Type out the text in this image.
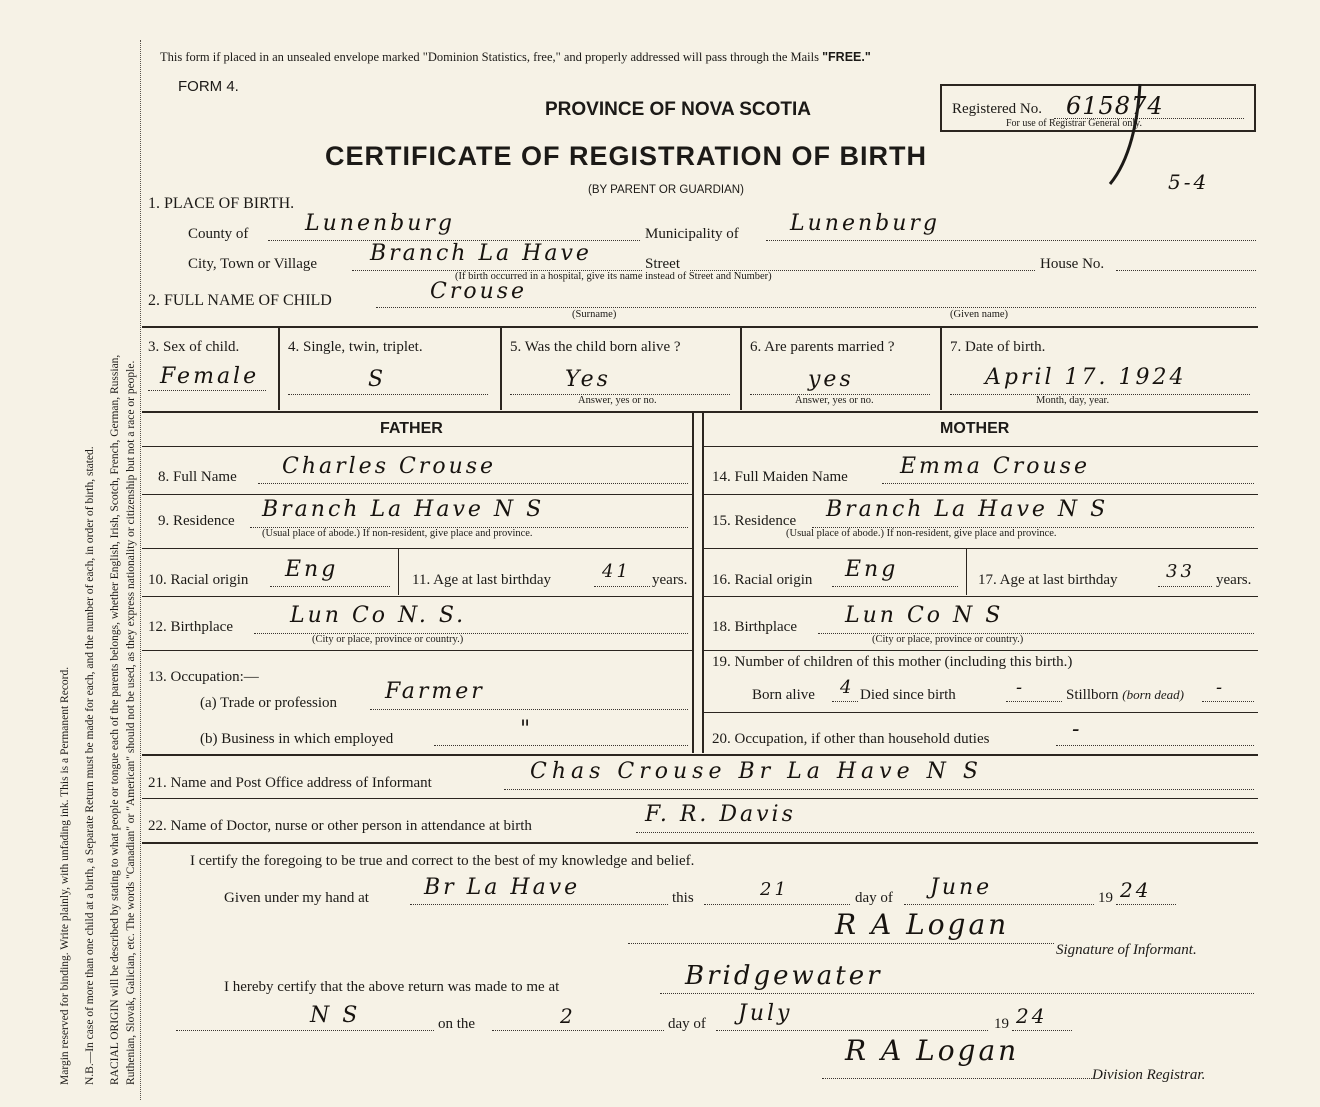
Margin reserved for binding. Write plainly, with unfading ink. This is a Permanent Record. N.B.—In case of more than one child at a birth, a Separate Return must be made for each, and the number of each, in order of birth, stated. RACIAL ORIGIN will be described by stating to what people or tongue each of the parents belongs, whether English, Irish, Scotch, French, German, Russian, Ruthenian, Slovak, Galician, etc. The words "Canadian" or "American" should not be used, as they express nationality or citizenship but not a race or people.
This form if placed in an unsealed envelope marked "Dominion Statistics, free," and properly addressed will pass through the Mails "FREE."
FORM 4.
PROVINCE OF NOVA SCOTIA	Registered No. 615874
For use of Registrar General only.
5-4
CERTIFICATE OF REGISTRATION OF BIRTH
(BY PARENT OR GUARDIAN)
1. PLACE OF BIRTH.
County of	Lunenburg	Municipality of Lunenburg
City, Town or Village Branch La Have	Street	House No.
(If birth occurred in a hospital, give its name instead of Street and Number)
2. FULL NAME OF CHILD	Crouse
(Surname)	(Given name)
3. Sex of child.
Female
4. Single, twin, triplet.
S
5. Was the child born alive ?
Yes
Answer, yes or no.
6. Are parents married ?
yes
Answer, yes or no.
7. Date of birth.
April 17. 1924
Month, day, year.
FATHER
8. Full Name Charles Crouse
9. Residence Branch La Have N S
(Usual place of abode.) If non-resident, give place and province.
10. Racial origin Eng	11. Age at last birthday	41 years.
12. Birthplace	Lun Co N. S.
(City or place, province or country.)
13. Occupation:—
(a) Trade or profession Farmer
(b) Business in which employed	"
MOTHER
14. Full Maiden Name Emma Crouse
15. Residence Branch La Have N S
(Usual place of abode.) If non-resident, give place and province.
16. Racial origin Eng	17. Age at last birthday	33 years.
18. Birthplace Lun Co N S
(City or place, province or country.)
19. Number of children of this mother (including this birth.)
Born alive 4 Died since birth	-	Stillborn (born dead) -
20. Occupation, if other than household duties	-
21. Name and Post Office address of Informant	Chas Crouse Br La Have N S
22. Name of Doctor, nurse or other person in attendance at birth	F. R. Davis
I certify the foregoing to be true and correct to the best of my knowledge and belief.
Given under my hand at	Br La Have	this	21	day of June	19 24
R A Logan
Signature of Informant.
I hereby certify that the above return was made to me at	Bridgewater
N S	on the	2	day of July	19 24
R A Logan
Division Registrar.
